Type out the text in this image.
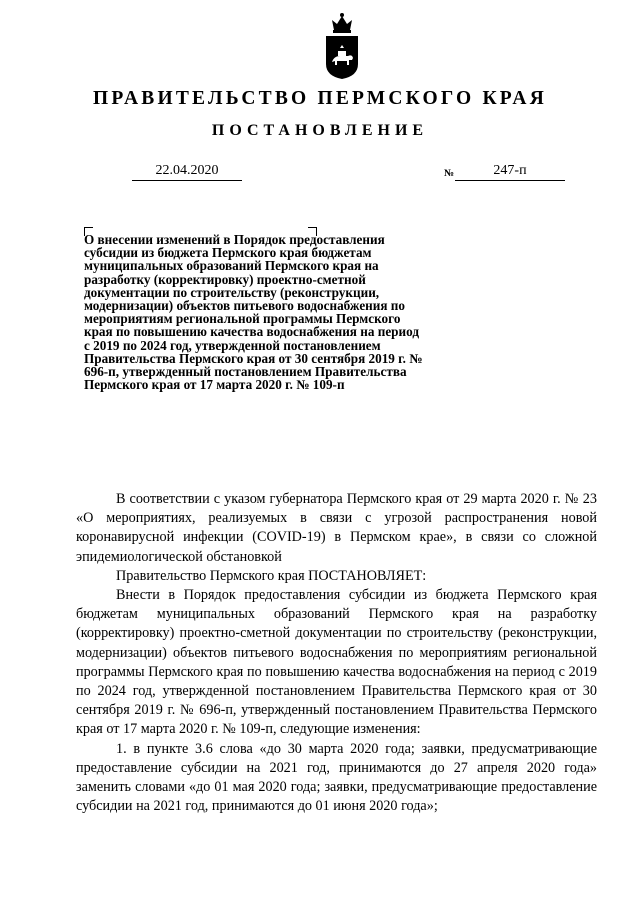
ПРАВИТЕЛЬСТВО ПЕРМСКОГО КРАЯ
ПОСТАНОВЛЕНИЕ
22.04.2020	№	247-п
О внесении изменений в Порядок предоставления субсидии из бюджета Пермского края бюджетам муниципальных образований Пермского края на разработку (корректировку) проектно-сметной документации по строительству (реконструкции, модернизации) объектов питьевого водоснабжения по мероприятиям региональной программы Пермского края по повышению качества водоснабжения на период с 2019 по 2024 год, утвержденной постановлением Правительства Пермского края от 30 сентября 2019 г. № 696-п, утвержденный постановлением Правительства Пермского края от 17 марта 2020 г. № 109-п

В соответствии с указом губернатора Пермского края от 29 марта 2020 г. № 23 «О мероприятиях, реализуемых в связи с угрозой распространения новой коронавирусной инфекции (COVID-19) в Пермском крае», в связи со сложной эпидемиологической обстановкой

Правительство Пермского края ПОСТАНОВЛЯЕТ:

Внести в Порядок предоставления субсидии из бюджета Пермского края бюджетам муниципальных образований Пермского края на разработку (корректировку) проектно-сметной документации по строительству (реконструкции, модернизации) объектов питьевого водоснабжения по мероприятиям региональной программы Пермского края по повышению качества водоснабжения на период с 2019 по 2024 год, утвержденной постановлением Правительства Пермского края от 30 сентября 2019 г. № 696-п, утвержденный постановлением Правительства Пермского края от 17 марта 2020 г. № 109-п, следующие изменения:

1. в пункте 3.6 слова «до 30 марта 2020 года; заявки, предусматривающие предоставление субсидии на 2021 год, принимаются до 27 апреля 2020 года» заменить словами «до 01 мая 2020 года; заявки, предусматривающие предоставление субсидии на 2021 год, принимаются до 01 июня 2020 года»;
